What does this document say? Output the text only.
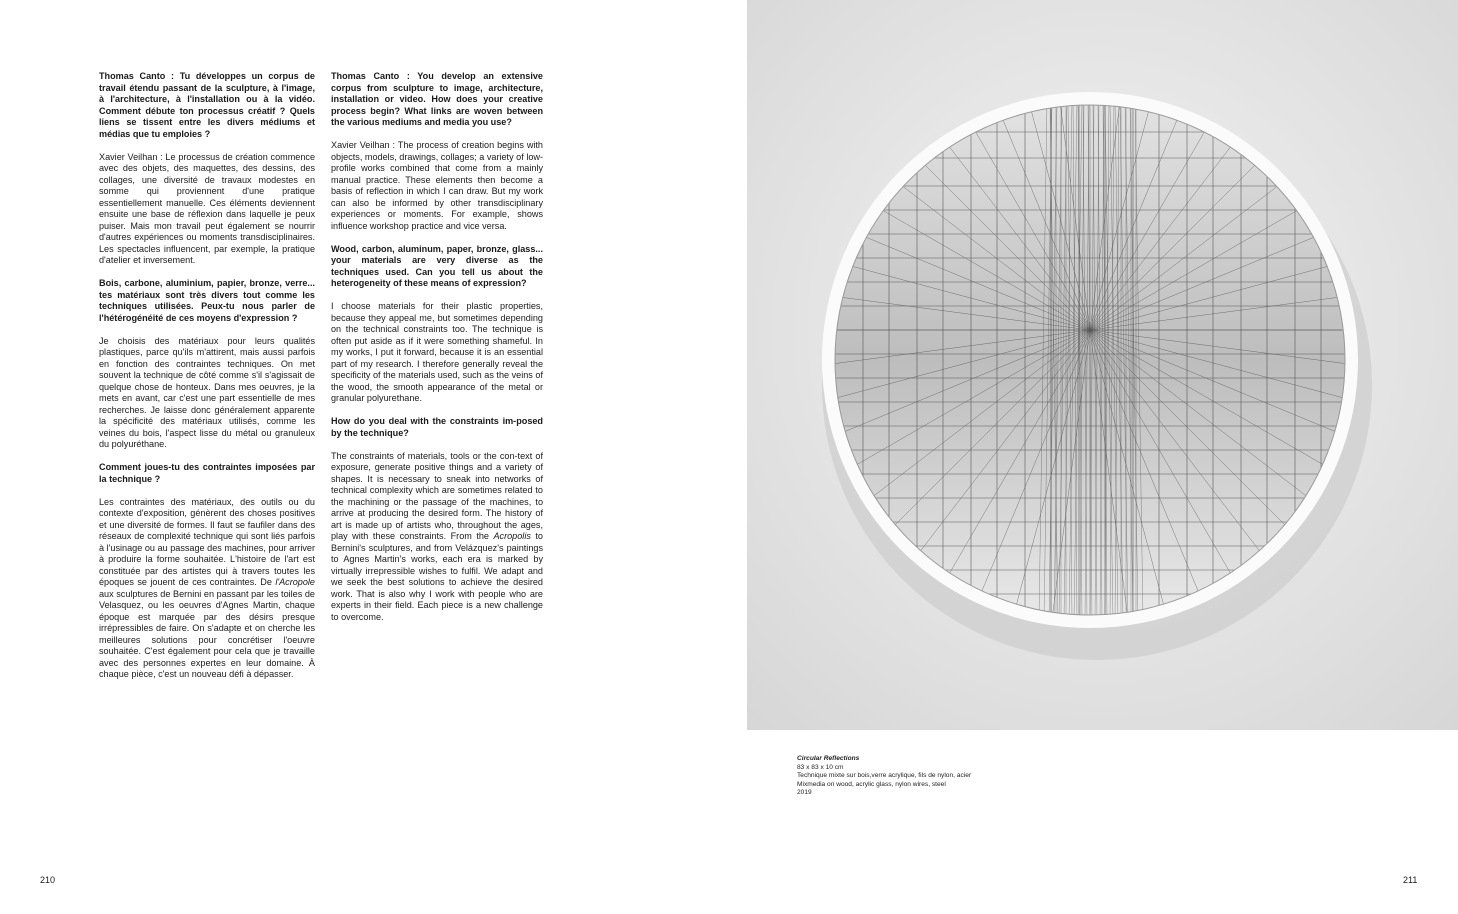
Thomas Canto : Tu développes un corpus de travail étendu passant de la sculpture, à l'image, à l'architecture, à l'installation ou à la vidéo. Comment débute ton processus créatif ? Quels liens se tissent entre les divers médiums et médias que tu emploies ?

Xavier Veilhan : Le processus de création commence avec des objets, des maquettes, des dessins, des collages, une diversité de travaux modestes en somme qui proviennent d'une pratique essentiellement manuelle. Ces éléments deviennent ensuite une base de réflexion dans laquelle je peux puiser. Mais mon travail peut également se nourrir d'autres expériences ou moments transdisciplinaires. Les spectacles influencent, par exemple, la pratique d'atelier et inversement.

Bois, carbone, aluminium, papier, bronze, verre... tes matériaux sont très divers tout comme les techniques utilisées. Peux-tu nous parler de l'hétérogénéité de ces moyens d'expression ?

Je choisis des matériaux pour leurs qualités plastiques, parce qu'ils m'attirent, mais aussi parfois en fonction des contraintes techniques. On met souvent la technique de côté comme s'il s'agissait de quelque chose de honteux. Dans mes oeuvres, je la mets en avant, car c'est une part essentielle de mes recherches. Je laisse donc généralement apparente la spécificité des matériaux utilisés, comme les veines du bois, l'aspect lisse du métal ou granuleux du polyuréthane.

Comment joues-tu des contraintes imposées par la technique ?

Les contraintes des matériaux, des outils ou du contexte d'exposition, génèrent des choses positives et une diversité de formes. Il faut se faufiler dans des réseaux de complexité technique qui sont liés parfois à l'usinage ou au passage des machines, pour arriver à produire la forme souhaitée. L'histoire de l'art est constituée par des artistes qui à travers toutes les époques se jouent de ces contraintes. De l'Acropole aux sculptures de Bernini en passant par les toiles de Velasquez, ou les oeuvres d'Agnes Martin, chaque époque est marquée par des désirs presque irrépressibles de faire. On s'adapte et on cherche les meilleures solutions pour concrétiser l'oeuvre souhaitée. C'est également pour cela que je travaille avec des personnes expertes en leur domaine. À chaque pièce, c'est un nouveau défi à dépasser.

Thomas Canto : You develop an extensive corpus from sculpture to image, architecture, installation or video. How does your creative process begin? What links are woven between the various mediums and media you use?

Xavier Veilhan : The process of creation begins with objects, models, drawings, collages; a variety of low-profile works combined that come from a mainly manual practice. These elements then become a basis of reflection in which I can draw. But my work can also be informed by other transdisciplinary experiences or moments. For example, shows influence workshop practice and vice versa.

Wood, carbon, aluminum, paper, bronze, glass... your materials are very diverse as the techniques used. Can you tell us about the heterogeneity of these means of expression?

I choose materials for their plastic properties, because they appeal me, but sometimes depending on the technical constraints too. The technique is often put aside as if it were something shameful. In my works, I put it forward, because it is an essential part of my research. I therefore generally reveal the specificity of the materials used, such as the veins of the wood, the smooth appearance of the metal or granular polyurethane.

How do you deal with the constraints im-posed by the technique?

The constraints of materials, tools or the con-text of exposure, generate positive things and a variety of shapes. It is necessary to sneak into networks of technical complexity which are sometimes related to the machining or the passage of the machines, to arrive at producing the desired form. The history of art is made up of artists who, throughout the ages, play with these constraints. From the Acropolis to Bernini's sculptures, and from Velázquez's paintings to Agnes Martin's works, each era is marked by virtually irrepressible wishes to fulfil. We adapt and we seek the best solutions to achieve the desired work. That is also why I work with people who are experts in their field. Each piece is a new challenge to overcome.

Circular Reflections
83 x 83 x 10 cm
Technique mixte sur bois,verre acrylique, fils de nylon, acier
Mixmedia on wood, acrylic glass, nylon wires, steel
2019
210	211
